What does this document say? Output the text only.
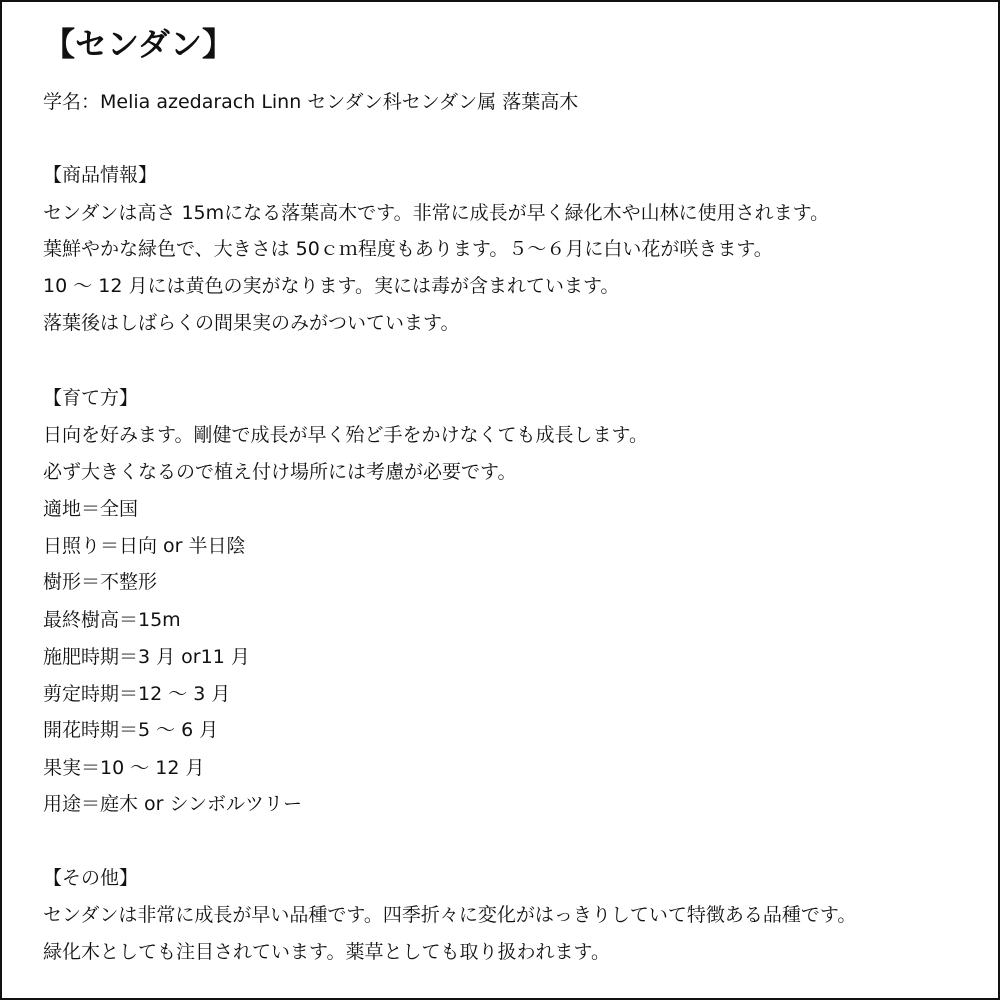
【センダン】
学名：Melia azedarach Linn センダン科センダン属 落葉高木
【商品情報】
センダンは高さ 15mになる落葉高木です。非常に成長が早く緑化木や山林に使用されます。
葉鮮やかな緑色で、大きさは 50ｃｍ程度もあります。５～６月に白い花が咲きます。
10 ～ 12 月には黄色の実がなります。実には毒が含まれています。
落葉後はしばらくの間果実のみがついています。
【育て方】
日向を好みます。剛健で成長が早く殆ど手をかけなくても成長します。
必ず大きくなるので植え付け場所には考慮が必要です。
適地＝全国
日照り＝日向 or 半日陰
樹形＝不整形
最終樹高＝15m
施肥時期＝3 月 or11 月
剪定時期＝12 ～ 3 月
開花時期＝5 ～ 6 月
果実＝10 ～ 12 月
用途＝庭木 or シンボルツリー
【その他】
センダンは非常に成長が早い品種です。四季折々に変化がはっきりしていて特徴ある品種です。
緑化木としても注目されています。薬草としても取り扱われます。
